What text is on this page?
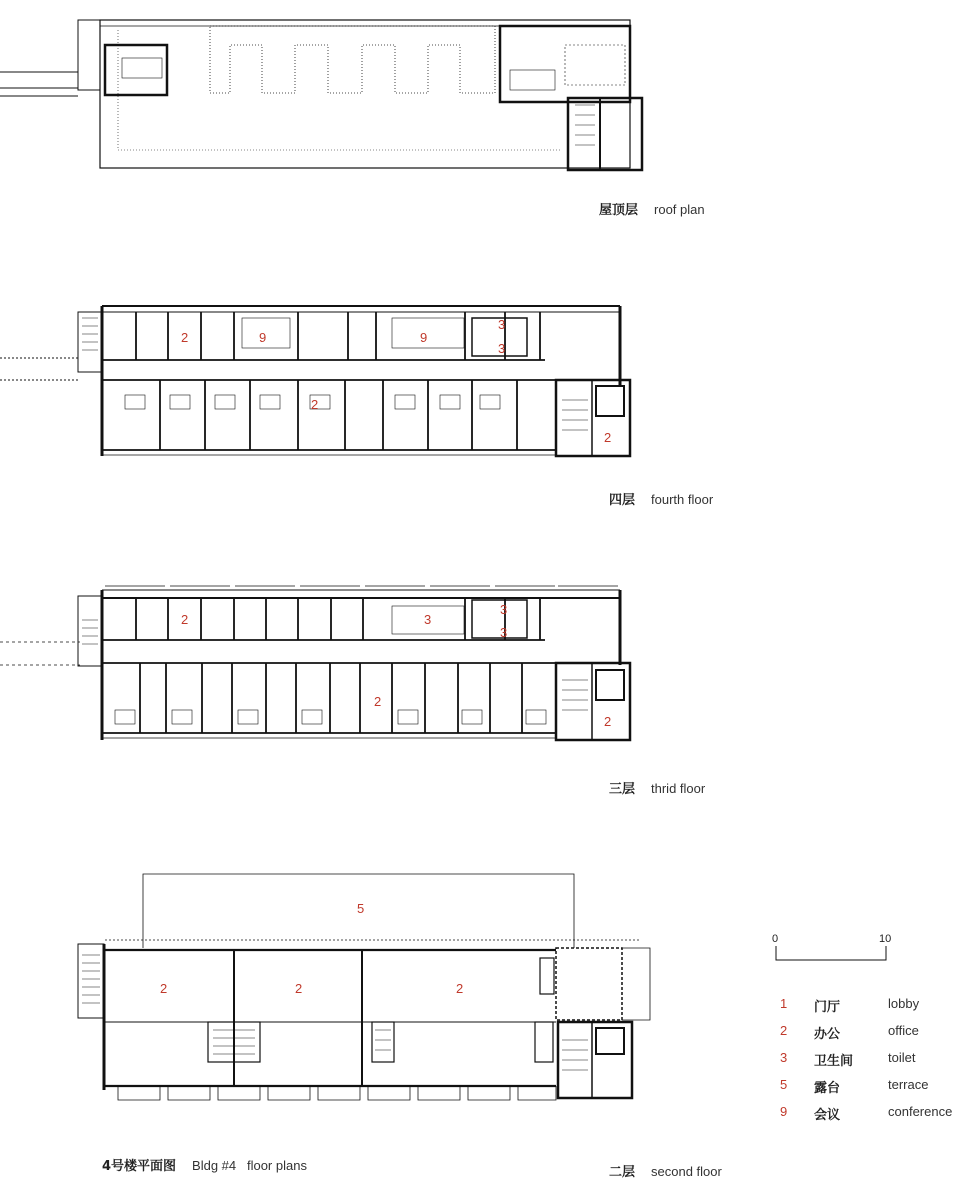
2	9	9
3
3
2
2
2	3
3
3
2
2
5
2	2	2
屋顶层 roof plan
四层 fourth floor
三层 thrid floor
二层 second floor
4号楼平面图 Bldg #4   floor plans
0	10
1 门厅	lobby
2 办公	office
3 卫生间	toilet
5 露台	terrace
9 会议	conference
